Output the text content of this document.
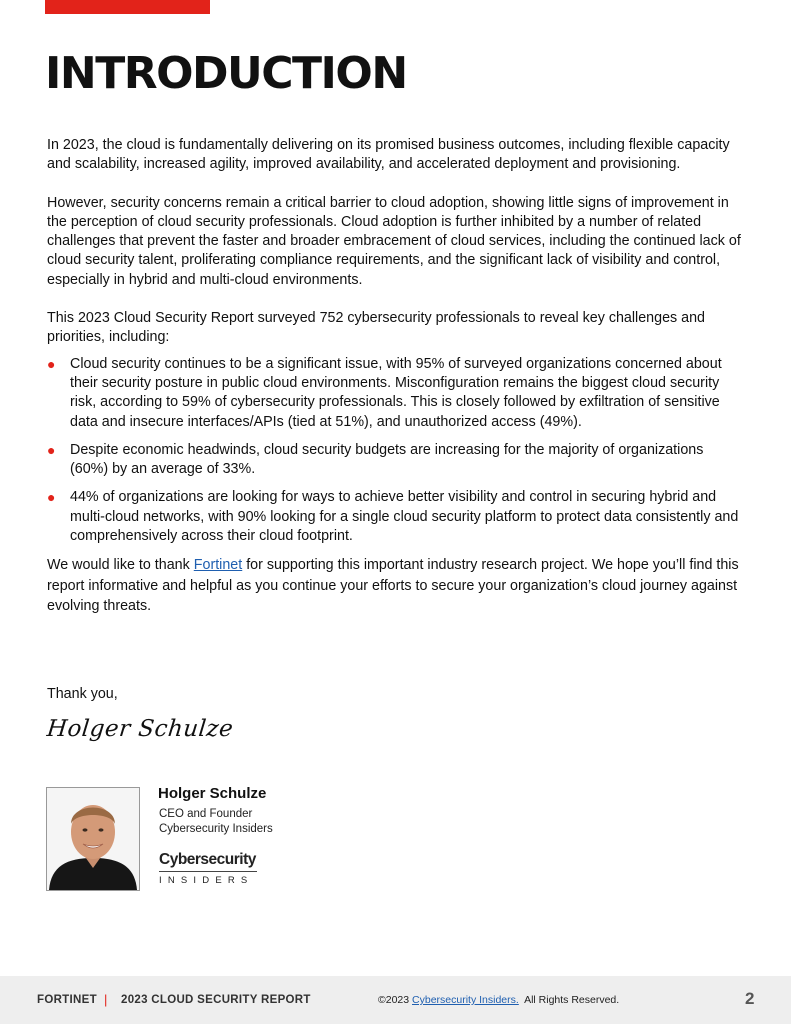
INTRODUCTION

In 2023, the cloud is fundamentally delivering on its promised business outcomes, including flexible capacity and scalability, increased agility, improved availability, and accelerated deployment and provisioning.

However, security concerns remain a critical barrier to cloud adoption, showing little signs of improvement in the perception of cloud security professionals. Cloud adoption is further inhibited by a number of related challenges that prevent the faster and broader embracement of cloud services, including the continued lack of cloud security talent, proliferating compliance requirements, and the significant lack of visibility and control, especially in hybrid and multi-cloud environments.

This 2023 Cloud Security Report surveyed 752 cybersecurity professionals to reveal key challenges and priorities, including:

● Cloud security continues to be a significant issue, with 95% of surveyed organizations concerned about their security posture in public cloud environments. Misconfiguration remains the biggest cloud security risk, according to 59% of cybersecurity professionals. This is closely followed by exfiltration of sensitive data and insecure interfaces/APIs (tied at 51%), and unauthorized access (49%).
● Despite economic headwinds, cloud security budgets are increasing for the majority of organizations (60%) by an average of 33%.
● 44% of organizations are looking for ways to achieve better visibility and control in securing hybrid and multi-cloud networks, with 90% looking for a single cloud security platform to protect data consistently and comprehensively across their cloud footprint.

We would like to thank Fortinet for supporting this important industry research project. We hope you’ll find this report informative and helpful as you continue your efforts to secure your organization’s cloud journey against evolving threats.

Thank you,
Holger Schulze
Holger Schulze
CEO and Founder
Cybersecurity Insiders
Cybersecurity
INSIDERS
FORTINET | 2023 CLOUD SECURITY REPORT	©2023 Cybersecurity Insiders.  All Rights Reserved.	2
